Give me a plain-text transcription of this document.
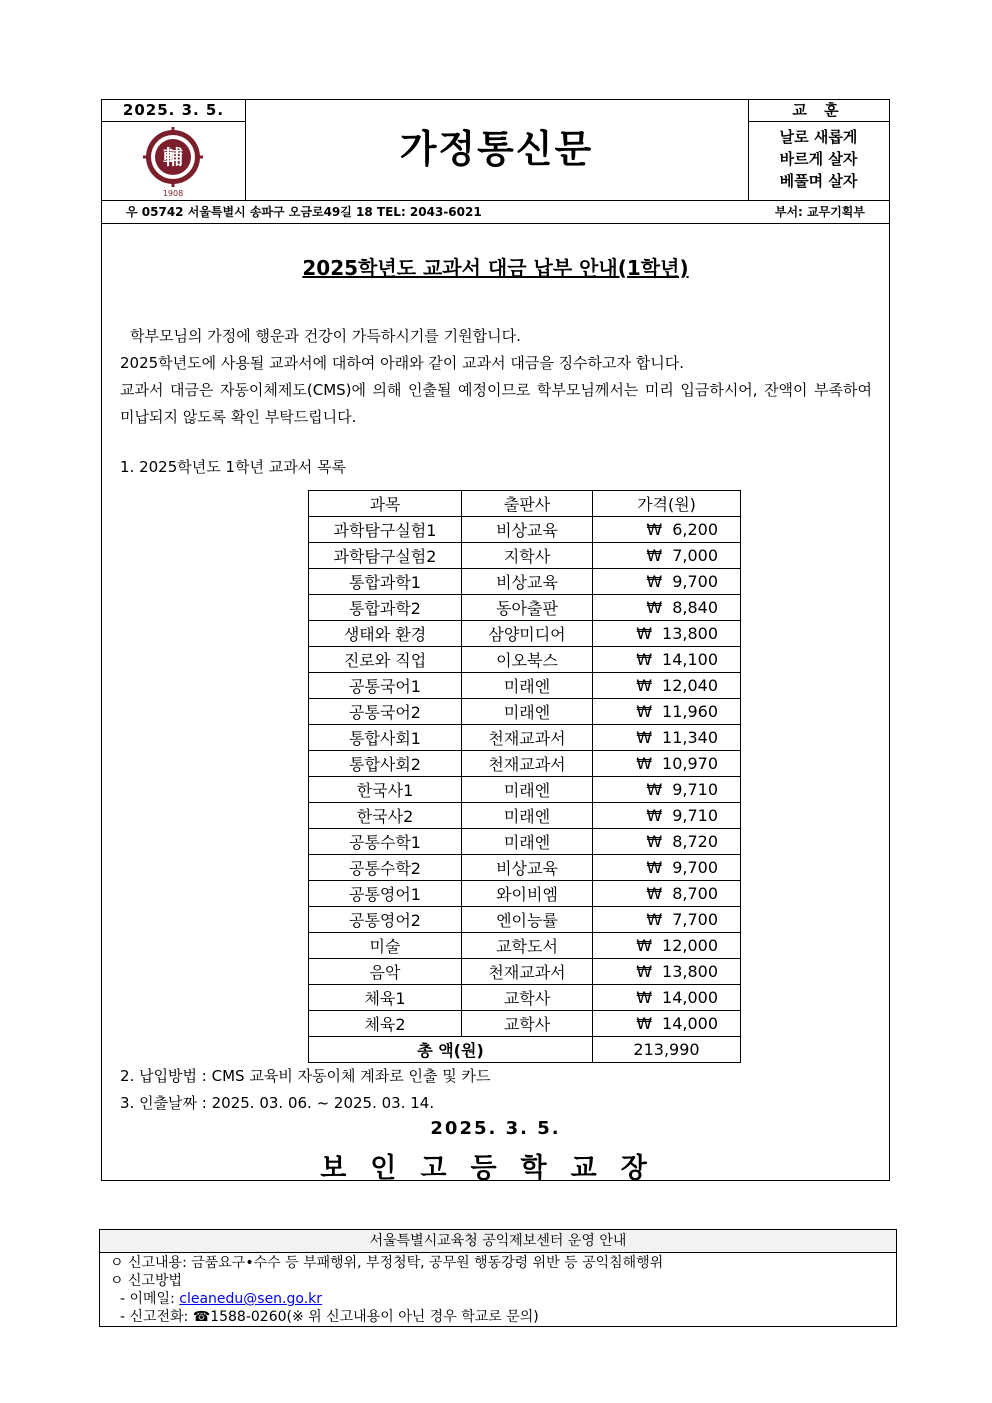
2025. 3. 5.
輔
1908
가정통신문
교 훈
날로 새롭게
바르게 살자
베풀며 살자
우 05742 서울특별시 송파구 오금로49길 18 TEL: 2043-6021	부서: 교무기획부
2025학년도 교과서 대금 납부 안내(1학년)
학부모님의 가정에 행운과 건강이 가득하시기를 기원합니다.
2025학년도에 사용될 교과서에 대하여 아래와 같이 교과서 대금을 징수하고자 합니다.
교과서 대금은 자동이체제도(CMS)에 의해 인출될 예정이므로 학부모님께서는 미리 입금하시어, 잔액이 부족하여 미납되지 않도록 확인 부탁드립니다.
1. 2025학년도 1학년 교과서 목록
과목	출판사	가격(원)
과학탐구실험1	비상교육	₩ 6,200
과학탐구실험2	지학사	₩ 7,000
통합과학1	비상교육	₩ 9,700
통합과학2	동아출판	₩ 8,840
생태와 환경	삼양미디어	₩ 13,800
진로와 직업	이오북스	₩ 14,100
공통국어1	미래엔	₩ 12,040
공통국어2	미래엔	₩ 11,960
통합사회1	천재교과서	₩ 11,340
통합사회2	천재교과서	₩ 10,970
한국사1	미래엔	₩ 9,710
한국사2	미래엔	₩ 9,710
공통수학1	미래엔	₩ 8,720
공통수학2	비상교육	₩ 9,700
공통영어1	와이비엠	₩ 8,700
공통영어2	엔이능률	₩ 7,700
미술	교학도서	₩ 12,000
음악	천재교과서	₩ 13,800
체육1	교학사	₩ 14,000
체육2	교학사	₩ 14,000
총 액(원)		213,990
2. 납입방법 : CMS 교육비 자동이체 계좌로 인출 및 카드
3. 인출날짜 : 2025. 03. 06. ~ 2025. 03. 14.
2025. 3. 5.
보인고등학교장
서울특별시교육청 공익제보센터 운영 안내
ㅇ 신고내용: 금품요구•수수 등 부패행위, 부정청탁, 공무원 행동강령 위반 등 공익침해행위
ㅇ 신고방법
- 이메일: cleanedu@sen.go.kr
- 신고전화: ☎1588-0260(※ 위 신고내용이 아닌 경우 학교로 문의)
